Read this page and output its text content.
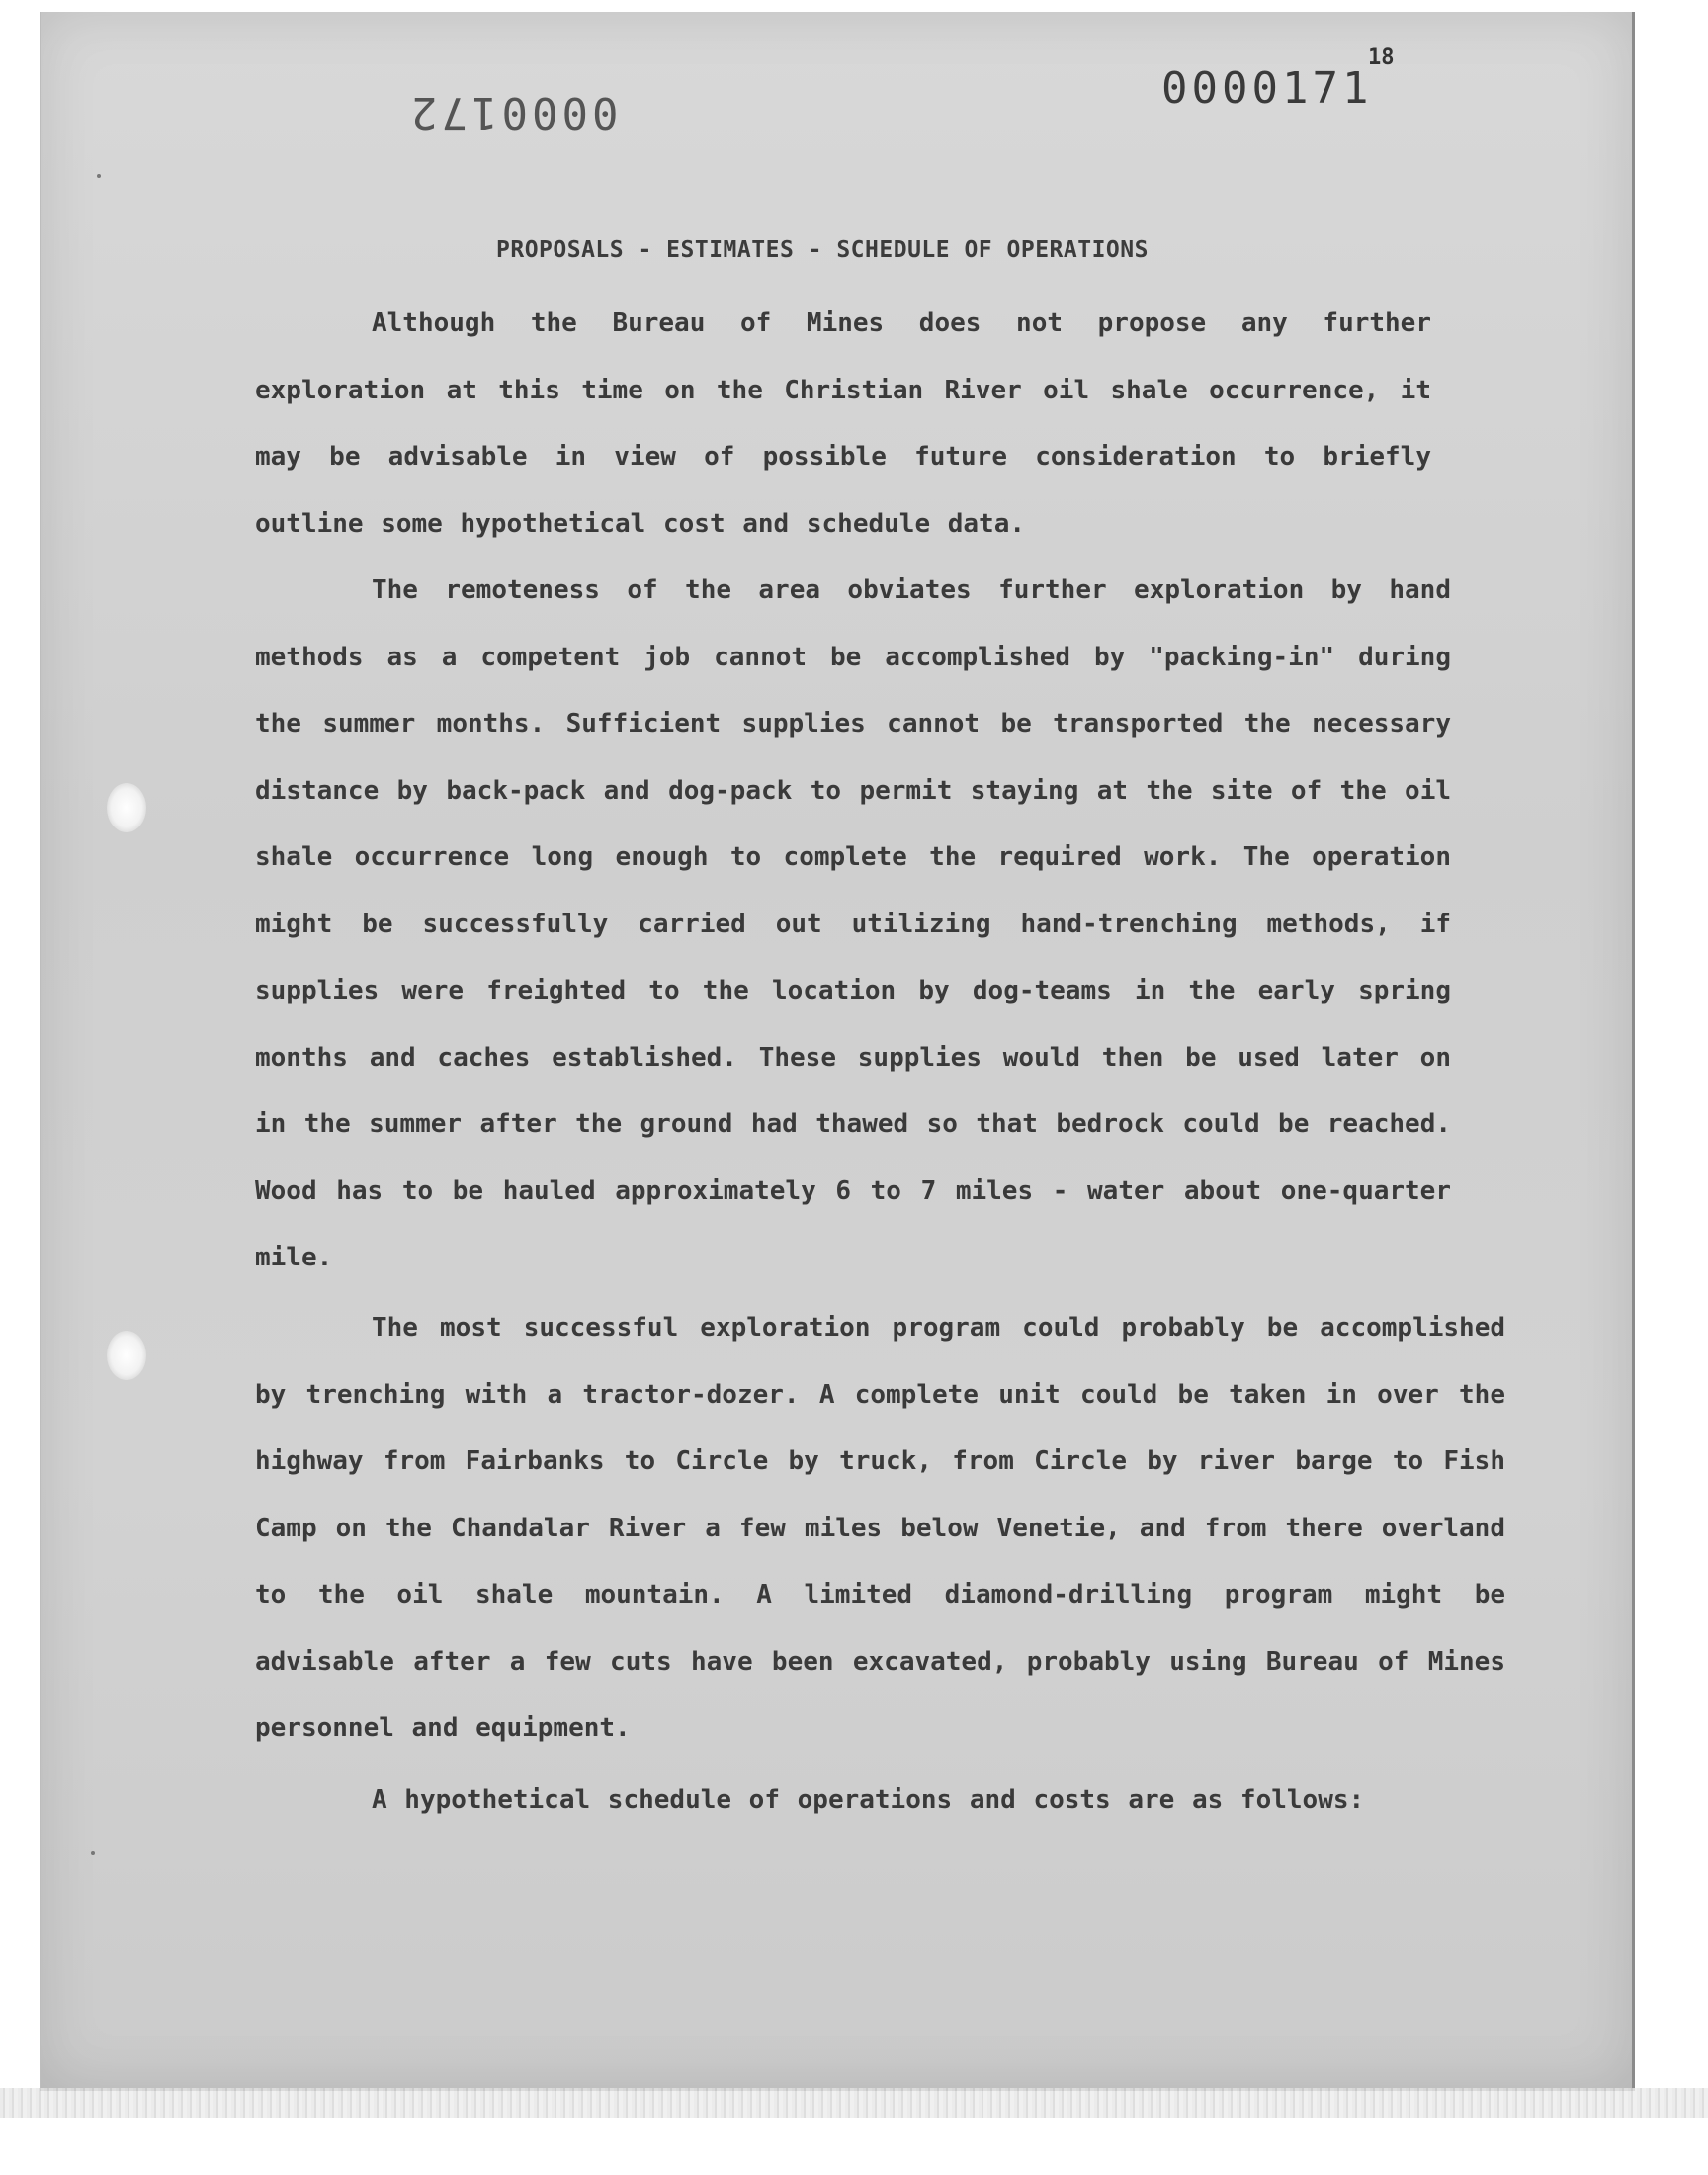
0000172	0000171
18
PROPOSALS - ESTIMATES - SCHEDULE OF OPERATIONS

Although the Bureau of Mines does not propose any further exploration at this time on the Christian River oil shale occurrence, it may be advisable in view of possible future consideration to briefly outline some hypothetical cost and schedule data.

The remoteness of the area obviates further exploration by hand methods as a competent job cannot be accomplished by "packing-in" during the summer months. Sufficient supplies cannot be transported the necessary distance by back-pack and dog-pack to permit staying at the site of the oil shale occurrence long enough to complete the required work. The operation might be successfully carried out utilizing hand-trenching methods, if supplies were freighted to the location by dog-teams in the early spring months and caches established. These supplies would then be used later on in the summer after the ground had thawed so that bedrock could be reached. Wood has to be hauled approximately 6 to 7 miles - water about one-quarter mile.

The most successful exploration program could probably be accomplished by trenching with a tractor-dozer. A complete unit could be taken in over the highway from Fairbanks to Circle by truck, from Circle by river barge to Fish Camp on the Chandalar River a few miles below Venetie, and from there overland to the oil shale mountain. A limited diamond-drilling program might be advisable after a few cuts have been excavated, probably using Bureau of Mines personnel and equipment.

A hypothetical schedule of operations and costs are as follows:
